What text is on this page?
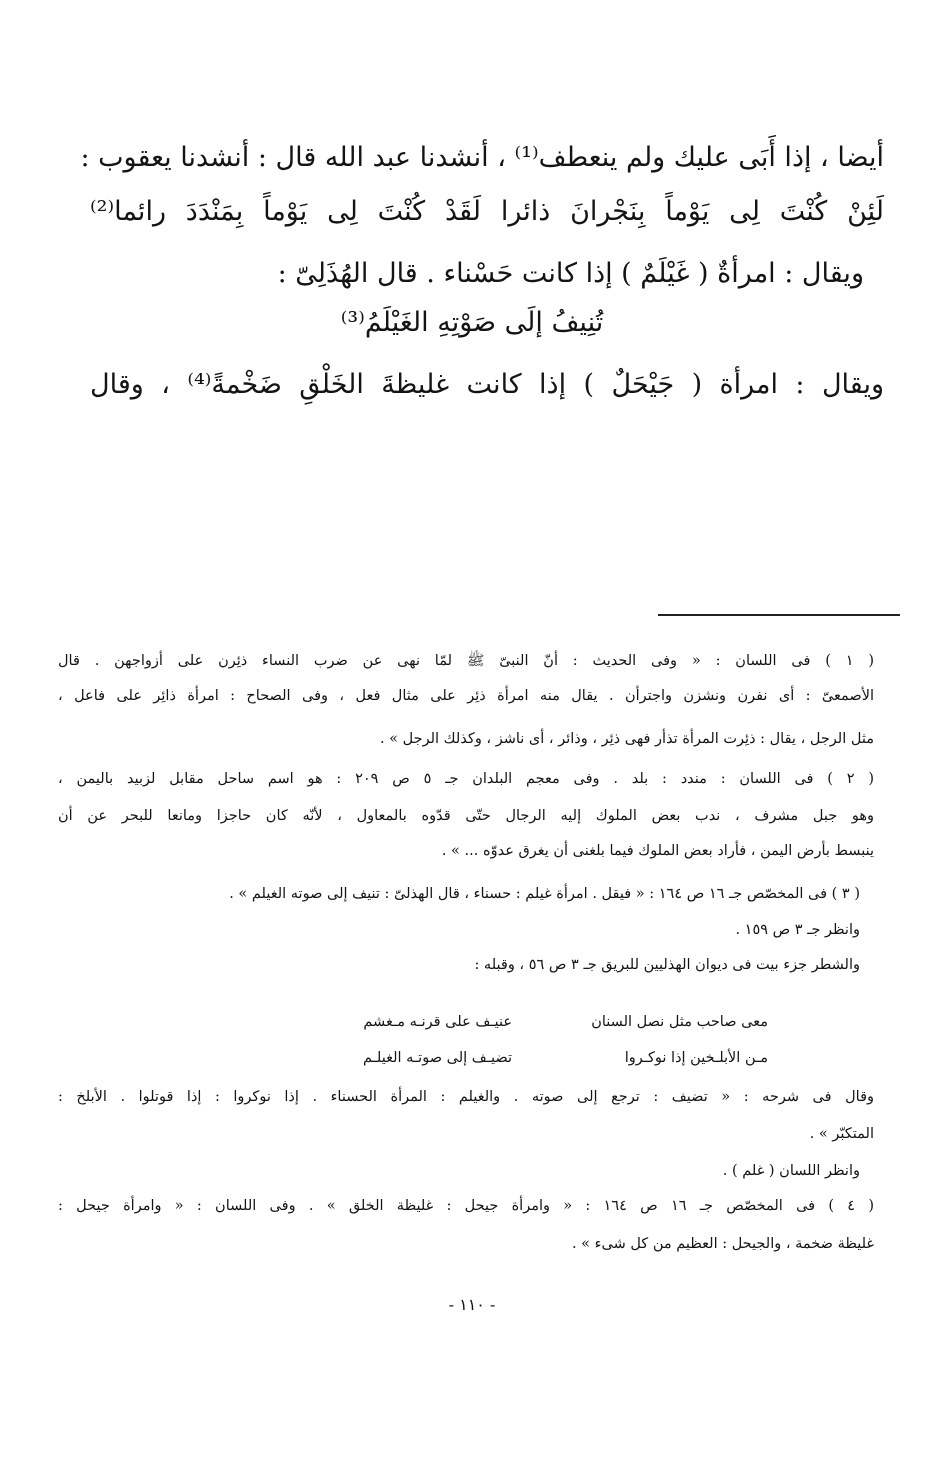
أيضا ، إذا أَبَى عليك ولم ينعطف⁽¹⁾ ، أنشدنا عبد الله قال : أنشدنا يعقوب :
لَئِنْ كُنْتَ لِى يَوْماً بِنَجْرانَ ذائرا لَقَدْ كُنْتَ لِى يَوْماً بِمَنْدَدَ رائما⁽²⁾
ويقال : امرأةٌ ( غَيْلَمٌ ) إذا كانت حَسْناء . قال الهُذَلِىّ :
تُنِيفُ إلَى صَوْتِهِ الغَيْلَمُ⁽³⁾
ويقال : امرأة ( جَيْحَلٌ ) إذا كانت غليظةَ الخَلْقِ ضَخْمةً⁽⁴⁾ ، وقال
( ١ ) فى اللسان : « وفى الحديث : أنّ النبىّ ﷺ لمّا نهى عن ضرب النساء ذئِرن على أزواجهن . قال
الأصمعىّ : أى نفرن ونشزن واجترأن . يقال منه امرأة ذئِر على مثال فعل ، وفى الصحاح : امرأة ذائِر على فاعل ،
مثل الرجل ، يقال : ذئِرت المرأة تذأر فهى ذئِر ، وذائر ، أى ناشز ، وكذلك الرجل » .
( ٢ ) فى اللسان : مندد : بلد . وفى معجم البلدان جـ ٥ ص ٢٠٩ : هو اسم ساحل مقابل لزبيد باليمن ،
وهو جبل مشرف ، ندب بعض الملوك إليه الرجال حتّى قدّوه بالمعاول ، لأنّه كان حاجزا ومانعا للبحر عن أن
ينبسط بأرض اليمن ، فأراد بعض الملوك فيما بلغنى أن يغرق عدوّه ... » .
( ٣ ) فى المخصّص جـ ١٦ ص ١٦٤ : « فيقل . امرأة غيلم : حسناء ، قال الهذلىّ : تنيف إلى صوته الغيلم » .
وانظر جـ ٣ ص ١٥٩ .
والشطر جزء بيت فى ديوان الهذليين للبريق جـ ٣ ص ٥٦ ، وقبله :
معى صاحب مثل نصل السنان
عنيـف على قرنـه مـغشم
مـن الأبلـخين إذا نوكـروا
تضيـف إلى صوتـه الغيلـم
وقال فى شرحه : « تضيف : ترجع إلى صوته . والغيلم : المرأة الحسناء . إذا نوكروا : إذا قوتلوا . الأبلخ :
المتكبّر » .
وانظر اللسان ( غلم ) .
( ٤ ) فى المخصّص جـ ١٦ ص ١٦٤ : « وامرأة جيحل : غليظة الخلق » . وفى اللسان : « وامرأة جيحل :
غليظة ضخمة ، والجيحل : العظيم من كل شىء » .
- ١١٠ -
